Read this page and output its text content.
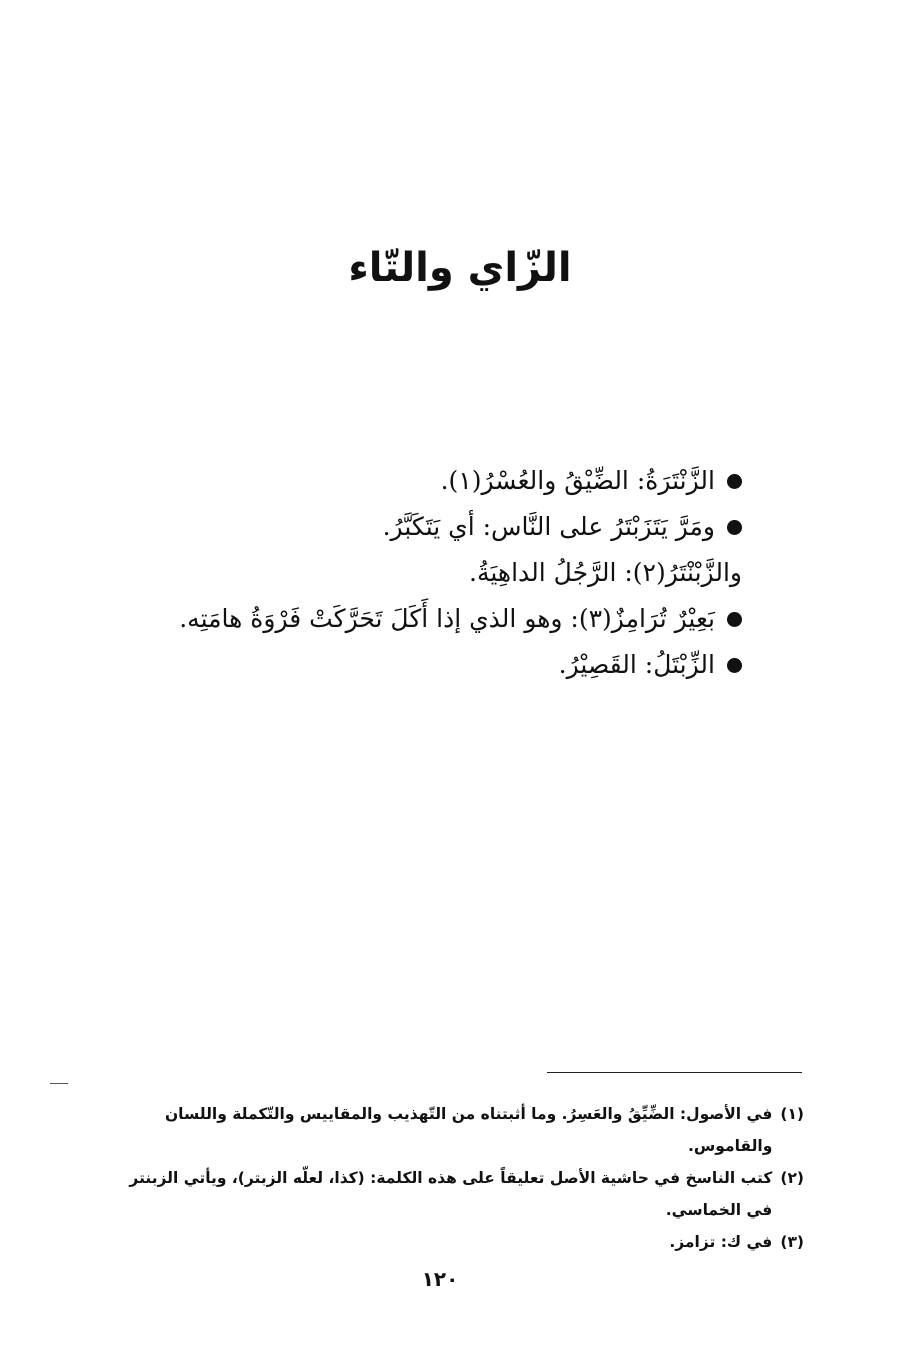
الزّاي والتّاء
الزَّنْتَرَةُ: الضِّيْقُ والعُسْرُ(١).
ومَرَّ يَتَزَبْتَرُ على النَّاس: أي يَتَكَبَّرُ.
والزَّبْنْتَرُ(٢): الرَّجُلُ الداهِيَةُ.
بَعِيْرٌ تُرَامِزٌ(٣): وهو الذي إذا أَكَلَ تَحَرَّكَتْ فَرْوَةُ هامَتِه.
الزِّبْتَلُ: القَصِيْرُ.
(١)
في الأصول: الضِّيِّقُ والعَسِرُ. وما أثبتناه من التّهذيب والمقاييس والتّكملة واللسان والقاموس.
(٢)
كتب الناسخ في حاشية الأصل تعليقاً على هذه الكلمة: (كذا، لعلّه الزبتر)، ويأتي الزبنتر في الخماسي.
(٣)
في ك: تزامز.
١٢٠
